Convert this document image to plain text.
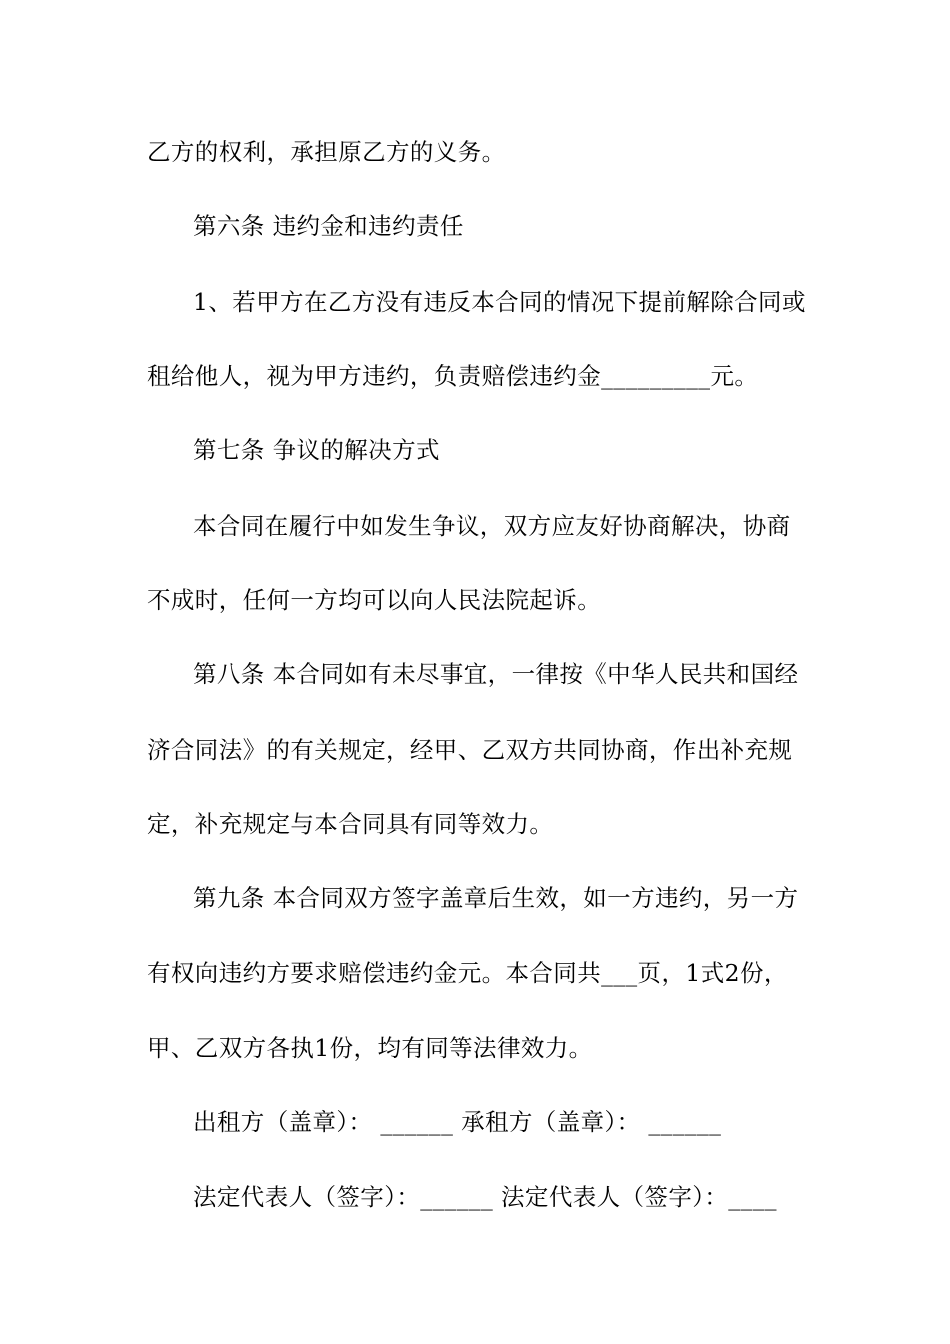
乙方的权利，承担原乙方的义务。
第六条 违约金和违约责任
1、若甲方在乙方没有违反本合同的情况下提前解除合同或
租给他人，视为甲方违约，负责赔偿违约金_________元。
第七条 争议的解决方式
本合同在履行中如发生争议，双方应友好协商解决，协商
不成时，任何一方均可以向人民法院起诉。
第八条 本合同如有未尽事宜，一律按《中华人民共和国经
济合同法》的有关规定，经甲、乙双方共同协商，作出补充规
定，补充规定与本合同具有同等效力。
第九条 本合同双方签字盖章后生效，如一方违约，另一方
有权向违约方要求赔偿违约金元。本合同共___页，1式2份，
甲、乙双方各执1份，均有同等法律效力。
出租方（盖章）： ______ 承租方（盖章）： ______
法定代表人（签字）：______ 法定代表人（签字）：____
